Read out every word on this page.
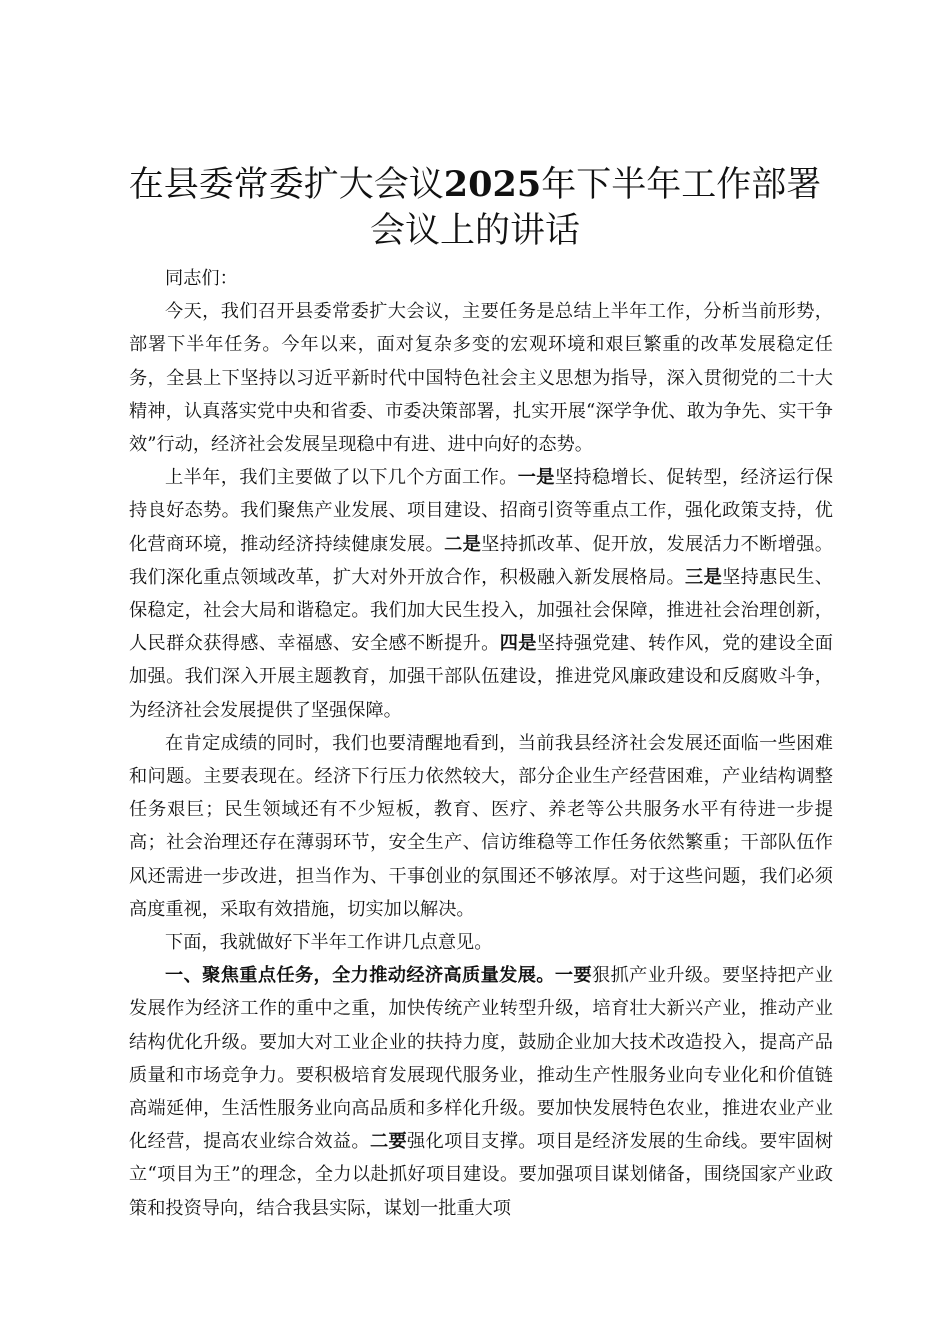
在县委常委扩大会议2025年下半年工作部署
会议上的讲话

同志们：

今天，我们召开县委常委扩大会议，主要任务是总结上半年工作，分析当前形势，部署下半年任务。今年以来，面对复杂多变的宏观环境和艰巨繁重的改革发展稳定任务，全县上下坚持以习近平新时代中国特色社会主义思想为指导，深入贯彻党的二十大精神，认真落实党中央和省委、市委决策部署，扎实开展“深学争优、敢为争先、实干争效”行动，经济社会发展呈现稳中有进、进中向好的态势。

上半年，我们主要做了以下几个方面工作。一是坚持稳增长、促转型，经济运行保持良好态势。我们聚焦产业发展、项目建设、招商引资等重点工作，强化政策支持，优化营商环境，推动经济持续健康发展。二是坚持抓改革、促开放，发展活力不断增强。我们深化重点领域改革，扩大对外开放合作，积极融入新发展格局。三是坚持惠民生、保稳定，社会大局和谐稳定。我们加大民生投入，加强社会保障，推进社会治理创新，人民群众获得感、幸福感、安全感不断提升。四是坚持强党建、转作风，党的建设全面加强。我们深入开展主题教育，加强干部队伍建设，推进党风廉政建设和反腐败斗争，为经济社会发展提供了坚强保障。

在肯定成绩的同时，我们也要清醒地看到，当前我县经济社会发展还面临一些困难和问题。主要表现在。经济下行压力依然较大，部分企业生产经营困难，产业结构调整任务艰巨；民生领域还有不少短板，教育、医疗、养老等公共服务水平有待进一步提高；社会治理还存在薄弱环节，安全生产、信访维稳等工作任务依然繁重；干部队伍作风还需进一步改进，担当作为、干事创业的氛围还不够浓厚。对于这些问题，我们必须高度重视，采取有效措施，切实加以解决。

下面，我就做好下半年工作讲几点意见。

一、聚焦重点任务，全力推动经济高质量发展。一要狠抓产业升级。要坚持把产业发展作为经济工作的重中之重，加快传统产业转型升级，培育壮大新兴产业，推动产业结构优化升级。要加大对工业企业的扶持力度，鼓励企业加大技术改造投入，提高产品质量和市场竞争力。要积极培育发展现代服务业，推动生产性服务业向专业化和价值链高端延伸，生活性服务业向高品质和多样化升级。要加快发展特色农业，推进农业产业化经营，提高农业综合效益。二要强化项目支撑。项目是经济发展的生命线。要牢固树立“项目为王”的理念，全力以赴抓好项目建设。要加强项目谋划储备，围绕国家产业政策和投资导向，结合我县实际，谋划一批重大项
